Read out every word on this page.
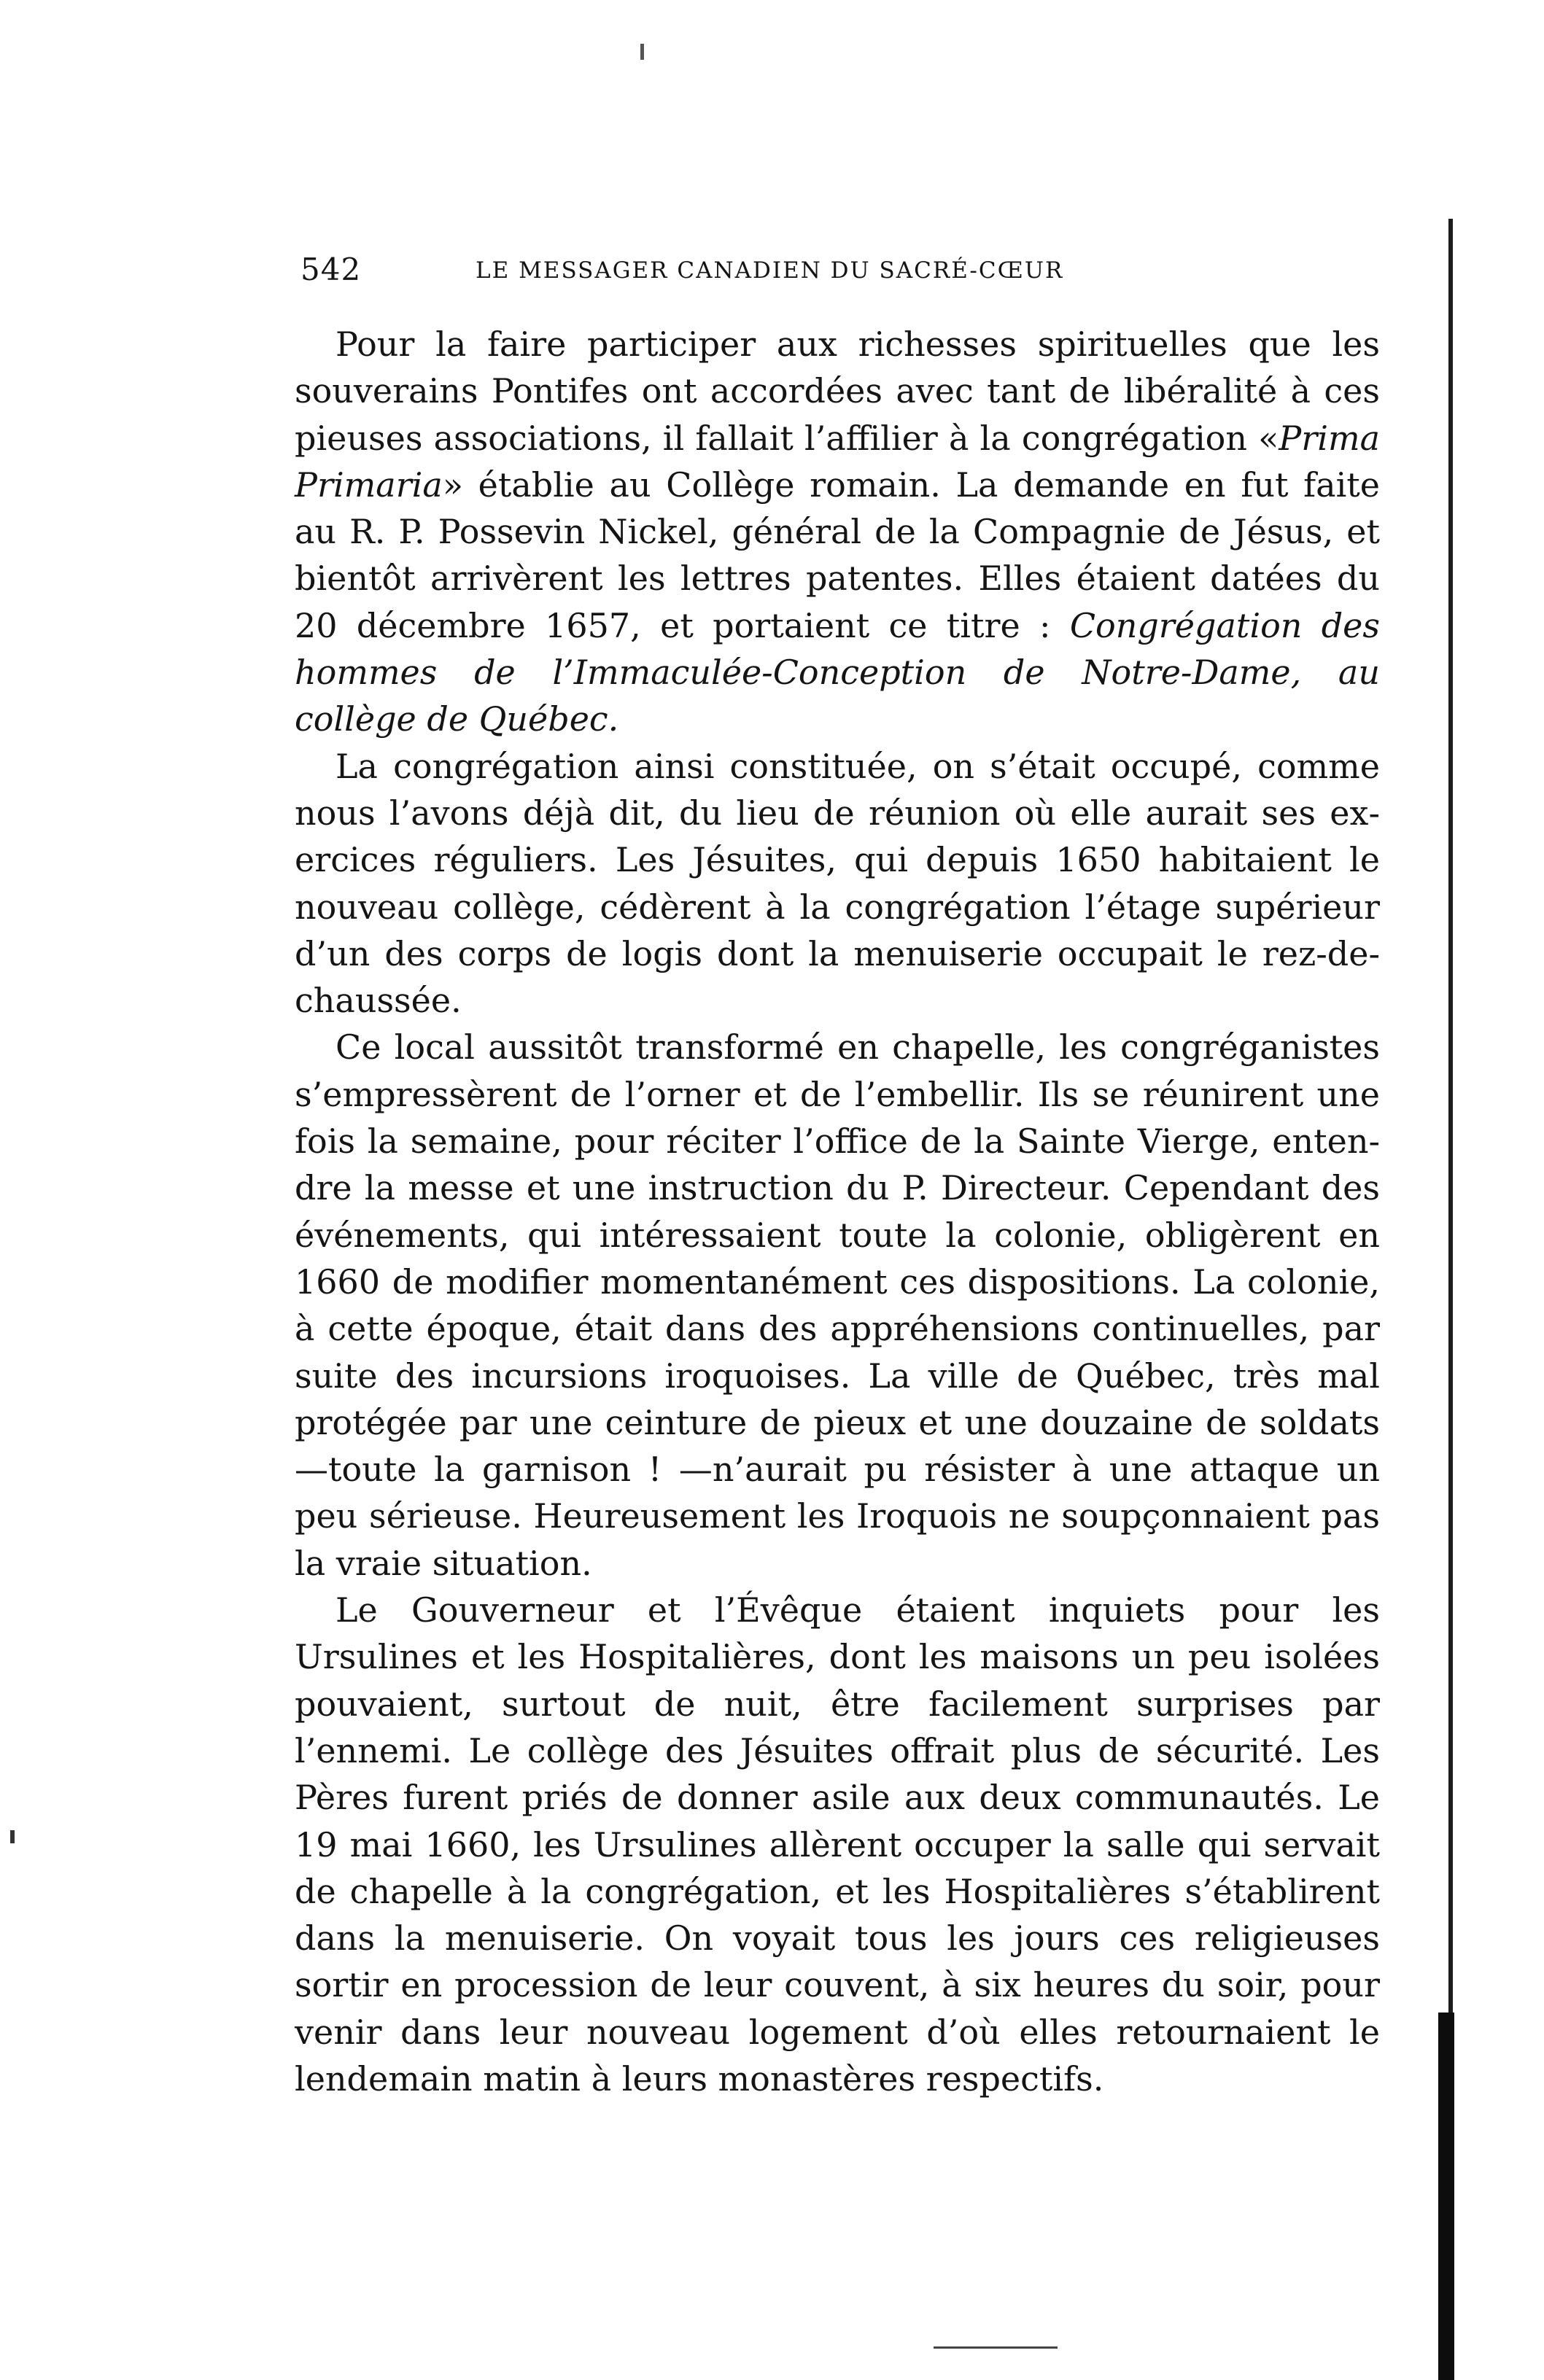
542	LE MESSAGER CANADIEN DU SACRÉ-CŒUR

Pour la faire participer aux richesses spirituelles que les souverains Pontifes ont accordées avec tant de libéralité à ces pieuses associations, il fallait l’affilier à la congrégation «Prima Primaria» établie au Collège romain. La demande en fut faite au R. P. Possevin Nickel, général de la Compagnie de Jésus, et bientôt arrivèrent les lettres patentes. Elles étaient datées du 20 décembre 1657, et portaient ce titre : Congrégation des hommes de l’Immaculée-Conception de Notre-Dame, au collège de Québec.

La congrégation ainsi constituée, on s’était occupé, comme nous l’avons déjà dit, du lieu de réunion où elle aurait ses exercices réguliers. Les Jésuites, qui depuis 1650 habitaient le nouveau collège, cédèrent à la congrégation l’étage supérieur d’un des corps de logis dont la menuiserie occupait le rez-de-chaussée.

Ce local aussitôt transformé en chapelle, les congréganistes s’empressèrent de l’orner et de l’embellir. Ils se réunirent une fois la semaine, pour réciter l’office de la Sainte Vierge, entendre la messe et une instruction du P. Directeur. Cependant des événements, qui intéressaient toute la colonie, obligèrent en 1660 de modifier momentanément ces dispositions. La colonie, à cette époque, était dans des appréhensions continuelles, par suite des incursions iroquoises. La ville de Québec, très mal protégée par une ceinture de pieux et une douzaine de soldats—toute la garnison ! —n’aurait pu résister à une attaque un peu sérieuse. Heureusement les Iroquois ne soupçonnaient pas la vraie situation.

Le Gouverneur et l’Évêque étaient inquiets pour les Ursulines et les Hospitalières, dont les maisons un peu isolées pouvaient, surtout de nuit, être facilement surprises par l’ennemi. Le collège des Jésuites offrait plus de sécurité. Les Pères furent priés de donner asile aux deux communautés. Le 19 mai 1660, les Ursulines allèrent occuper la salle qui servait de chapelle à la congrégation, et les Hospitalières s’établirent dans la menuiserie. On voyait tous les jours ces religieuses sortir en procession de leur couvent, à six heures du soir, pour venir dans leur nouveau logement d’où elles retournaient le lendemain matin à leurs monastères respectifs.
